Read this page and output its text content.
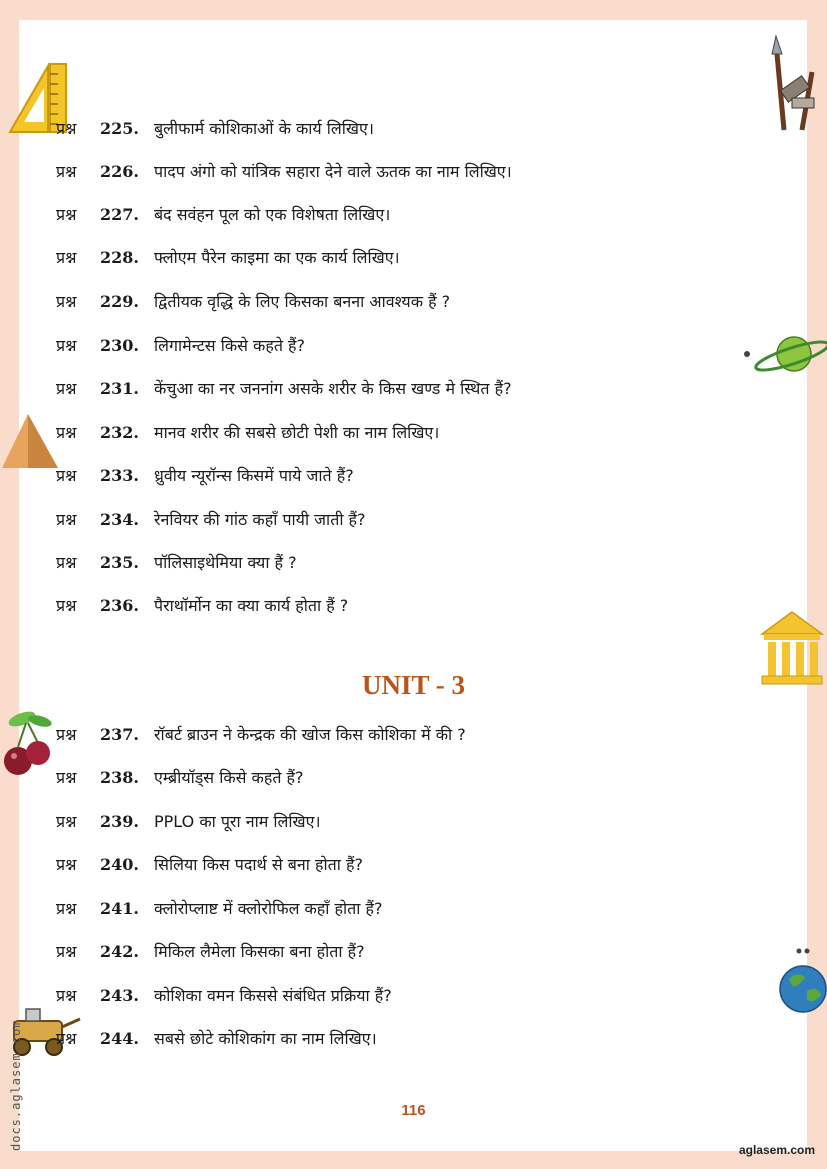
docs.aglasem.com
प्रश्न 225. बुलीफार्म कोशिकाओं के कार्य लिखिए।
प्रश्न 226. पादप अंगो को यांत्रिक सहारा देने वाले ऊतक का नाम लिखिए।
प्रश्न 227. बंद सवंहन पूल को एक विशेषता लिखिए।
प्रश्न 228. फ्लोएम पैरेन काइमा का एक कार्य लिखिए।
प्रश्न 229. द्वितीयक वृद्धि के लिए किसका बनना आवश्यक हैं ?
प्रश्न 230. लिगामेन्टस किसे कहते हैं?
प्रश्न 231. केंचुआ का नर जननांग असके शरीर के किस खण्ड मे स्थित हैं?
प्रश्न 232. मानव शरीर की सबसे छोटी पेशी का नाम लिखिए।
प्रश्न 233. ध्रुवीय न्यूरॉन्स किसमें पाये जाते हैं?
प्रश्न 234. रेनवियर की गांठ कहाँ पायी जाती हैं?
प्रश्न 235. पॉलिसाइथेमिया क्या हैं ?
प्रश्न 236. पैराथॉर्मोन का क्या कार्य होता हैं ?
UNIT - 3
प्रश्न 237. रॉबर्ट ब्राउन ने केन्द्रक की खोज किस कोशिका में की ?
प्रश्न 238. एम्ब्रीयॉड्स किसे कहते हैं?
प्रश्न 239. PPLO का पूरा नाम लिखिए।
प्रश्न 240. सिलिया किस पदार्थ से बना होता हैं?
प्रश्न 241. क्लोरोप्लाष्ट में क्लोरोफिल कहाँ होता हैं?
प्रश्न 242. मिकिल लैमेला किसका बना होता हैं?
प्रश्न 243. कोशिका वमन किससे संबंधित प्रक्रिया हैं?
प्रश्न 244. सबसे छोटे कोशिकांग का नाम लिखिए।
116
aglasem.com
